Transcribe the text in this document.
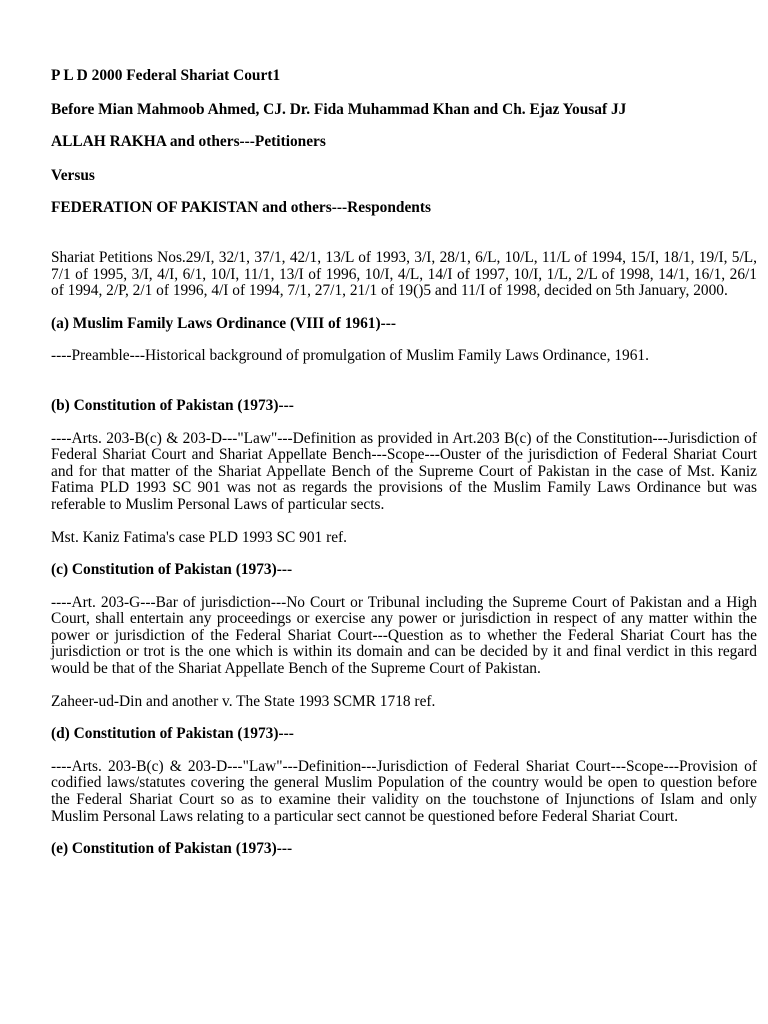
P L D 2000 Federal Shariat Court1

Before Mian Mahmoob Ahmed, CJ. Dr. Fida Muhammad Khan and Ch. Ejaz Yousaf JJ

ALLAH RAKHA and others---Petitioners

Versus

FEDERATION OF PAKISTAN and others---Respondents

Shariat Petitions Nos.29/I, 32/1, 37/1, 42/1, 13/L of 1993, 3/I, 28/1, 6/L, 10/L, 11/L of 1994, 15/I, 18/1, 19/I, 5/L, 7/1 of 1995, 3/I, 4/I, 6/1, 10/I, 11/1, 13/I of 1996, 10/I, 4/L, 14/I of 1997, 10/I, 1/L, 2/L of 1998, 14/1, 16/1, 26/1 of 1994, 2/P, 2/1 of 1996, 4/I of 1994, 7/1, 27/1, 21/1 of 19()5 and 11/I of 1998, decided on 5th January, 2000.

(a) Muslim Family Laws Ordinance (VIII of 1961)---

----Preamble---Historical background of promulgation of Muslim Family Laws Ordinance, 1961.

(b) Constitution of Pakistan (1973)---

----Arts. 203-B(c) & 203-D---"Law"---Definition as provided in Art.203 B(c) of the Constitution---Jurisdiction of Federal Shariat Court and Shariat Appellate Bench---Scope---Ouster of the jurisdiction of Federal Shariat Court and for that matter of the Shariat Appellate Bench of the Supreme Court of Pakistan in the case of Mst. Kaniz Fatima PLD 1993 SC 901 was not as regards the provisions of the Muslim Family Laws Ordinance but was referable to Muslim Personal Laws of particular sects.

Mst. Kaniz Fatima's case PLD 1993 SC 901 ref.

(c) Constitution of Pakistan (1973)---

----Art. 203-G---Bar of jurisdiction---No Court or Tribunal including the Supreme Court of Pakistan and a High Court, shall entertain any proceedings or exercise any power or jurisdiction in respect of any matter within the power or jurisdiction of the Federal Shariat Court---Question as to whether the Federal Shariat Court has the jurisdiction or trot is the one which is within its domain and can be decided by it and final verdict in this regard would be that of the Shariat Appellate Bench of the Supreme Court of Pakistan.

Zaheer-ud-Din and another v. The State 1993 SCMR 1718 ref.

(d) Constitution of Pakistan (1973)---

----Arts. 203-B(c) & 203-D---"Law"---Definition---Jurisdiction of Federal Shariat Court---Scope---Provision of codified laws/statutes covering the general Muslim Population of the country would be open to question before the Federal Shariat Court so as to examine their validity on the touchstone of Injunctions of Islam and only Muslim Personal Laws relating to a particular sect cannot be questioned before Federal Shariat Court.

(e) Constitution of Pakistan (1973)---
